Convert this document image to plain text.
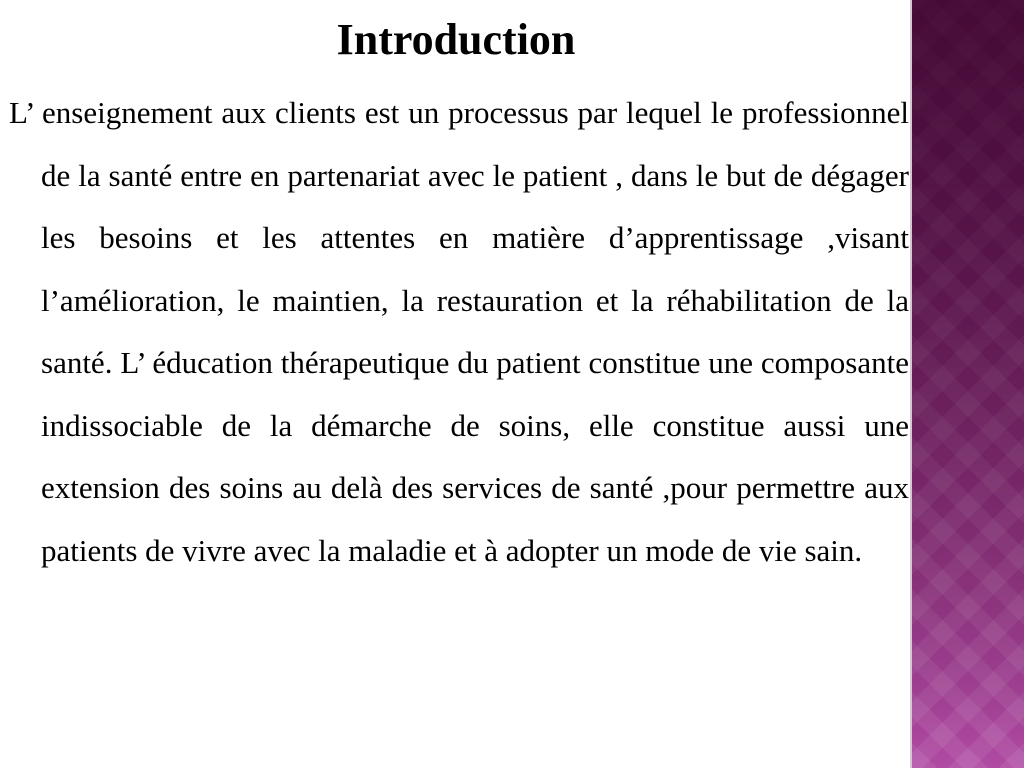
Introduction

L’ enseignement aux clients est un processus par lequel le professionnel de la santé entre en partenariat avec le patient , dans le but de dégager les besoins et les attentes en matière d’apprentissage ,visant l’amélioration, le maintien, la restauration et la réhabilitation de la santé. L’ éducation thérapeutique du patient constitue une composante indissociable de la démarche de soins, elle constitue aussi une extension des soins au delà des services de santé ,pour permettre aux patients de vivre avec la maladie et à adopter un mode de vie sain.
